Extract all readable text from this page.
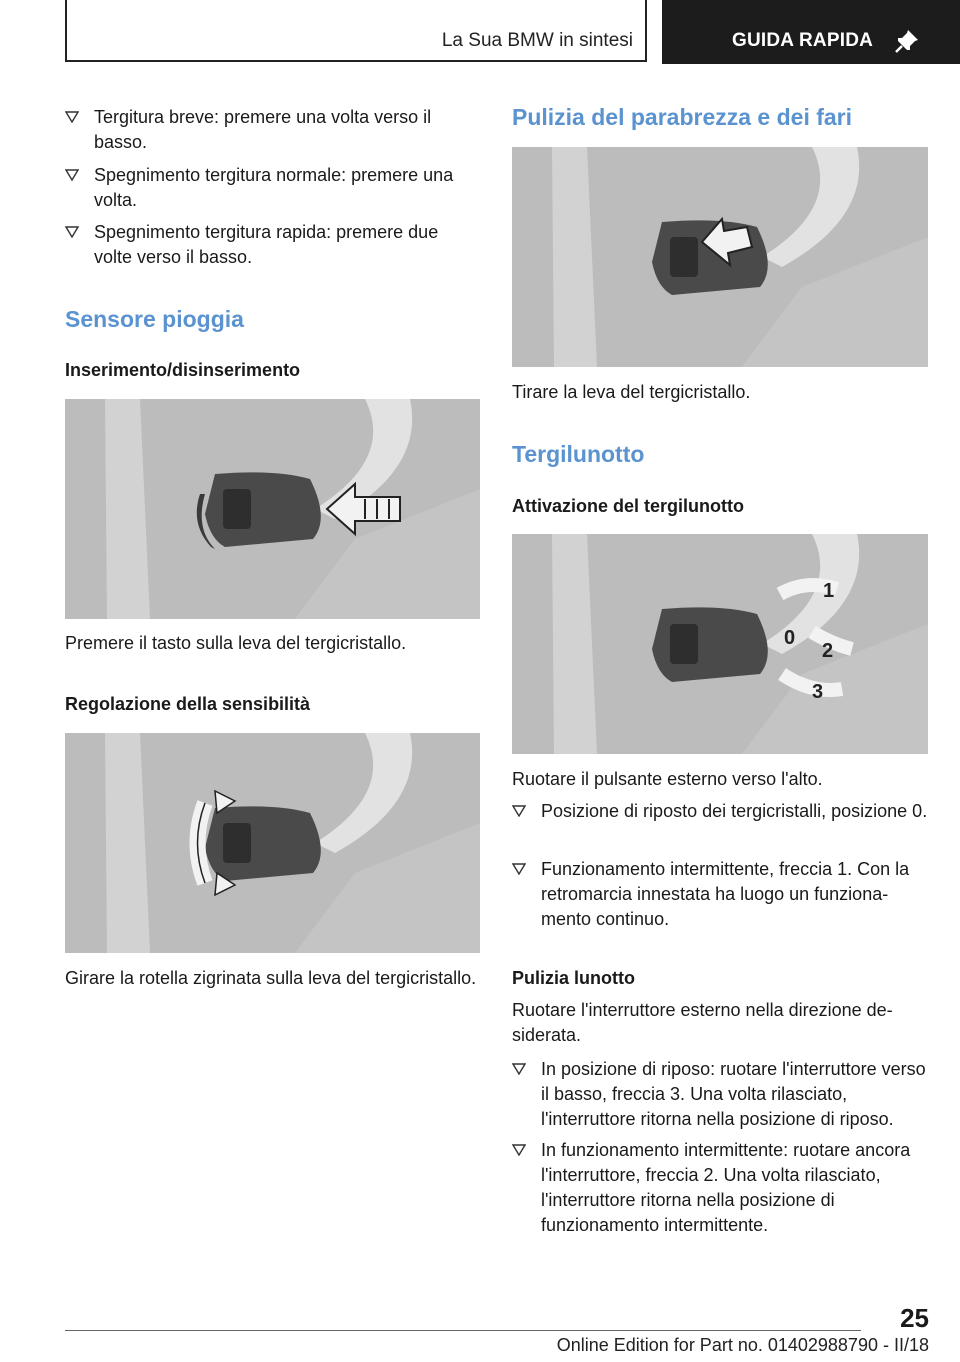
La Sua BMW in sintesi	GUIDA RAPIDA
Tergitura breve: premere una volta verso il basso.
Spegnimento tergitura normale: premere una volta.
Spegnimento tergitura rapida: premere due volte verso il basso.
Sensore pioggia
Inserimento/disinserimento
Premere il tasto sulla leva del tergicristallo.
Regolazione della sensibilità
Girare la rotella zigrinata sulla leva del tergicristallo.
Pulizia del parabrezza e dei fari
Tirare la leva del tergicristallo.
Tergilunotto
Attivazione del tergilunotto
1
0
2
3
Ruotare il pulsante esterno verso l'alto.
Posizione di riposto dei tergicristalli, posizione 0.
Funzionamento intermittente, freccia 1. Con la retromarcia innestata ha luogo un funzionamento continuo.
Pulizia lunotto
Ruotare l'interruttore esterno nella direzione desiderata.
In posizione di riposo: ruotare l'interruttore verso il basso, freccia 3. Una volta rilasciato, l'interruttore ritorna nella posizione di riposo.
In funzionamento intermittente: ruotare ancora l'interruttore, freccia 2. Una volta rilasciato, l'interruttore ritorna nella posizione di funzionamento intermittente.
25
Online Edition for Part no. 01402988790 - II/18
